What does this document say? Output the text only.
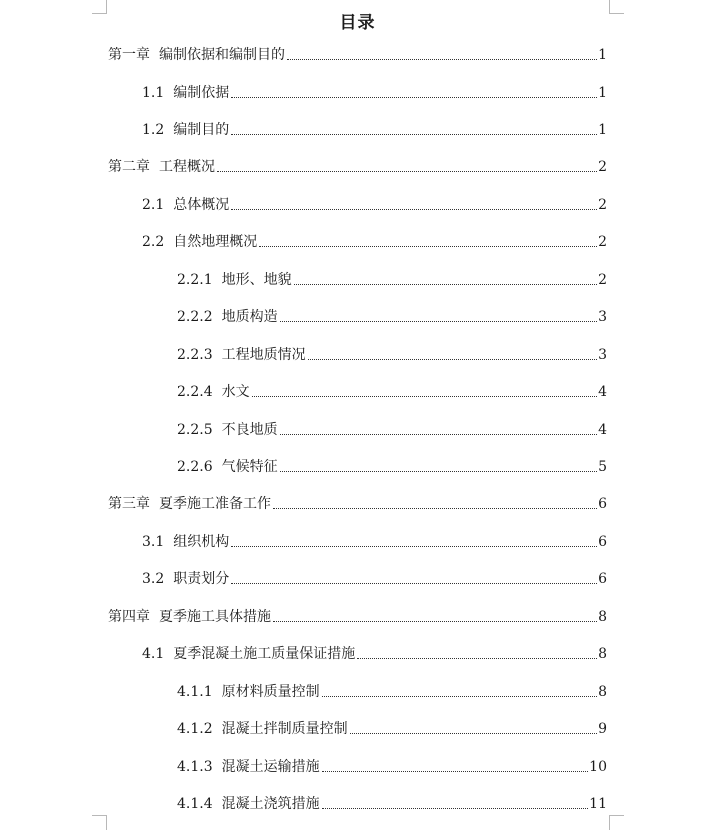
目录
第一章 编制依据和编制目的	1
1.1 编制依据	1
1.2 编制目的	1
第二章 工程概况	2
2.1 总体概况	2
2.2 自然地理概况	2
2.2.1 地形、地貌	2
2.2.2 地质构造	3
2.2.3 工程地质情况	3
2.2.4 水文	4
2.2.5 不良地质	4
2.2.6 气候特征	5
第三章 夏季施工准备工作	6
3.1 组织机构	6
3.2 职责划分	6
第四章 夏季施工具体措施	8
4.1 夏季混凝土施工质量保证措施	8
4.1.1 原材料质量控制	8
4.1.2 混凝土拌制质量控制	9
4.1.3 混凝土运输措施	10
4.1.4 混凝土浇筑措施	11
